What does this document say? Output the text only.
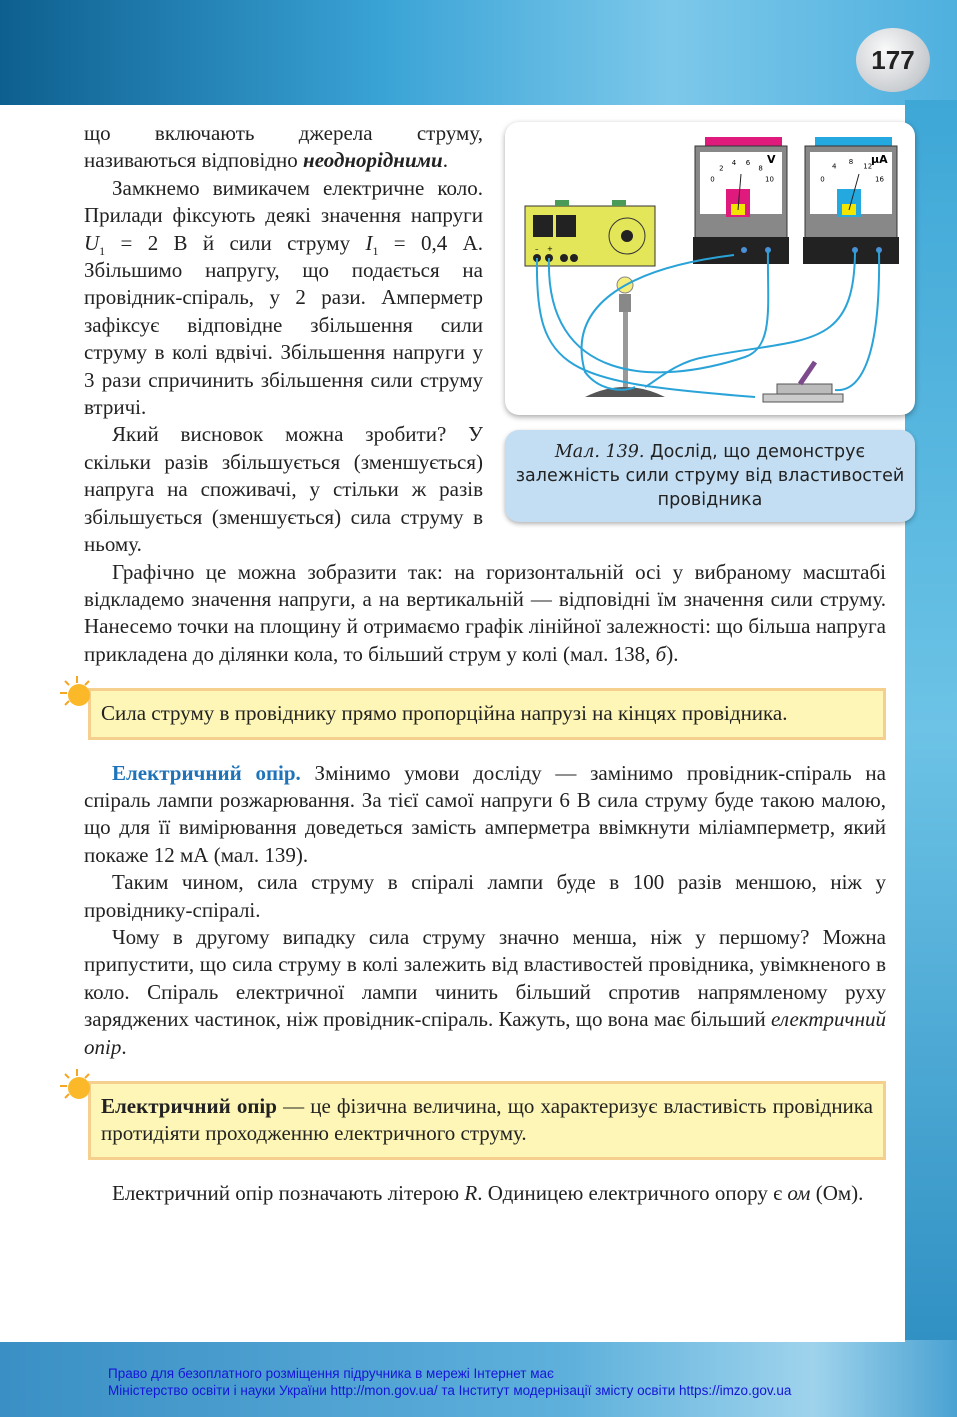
177
– +
V
0
2
4 6
8
10
μA
0
4
8
12
16
Мал. 139. Дослід, що демонструє залежність сили струму від властивостей провідника
що включають джерела струму, називаються відповідно неоднорідними.

Замкнемо вимикачем електричне коло. Прилади фіксують деякі значення напруги $U_1 = 2$ В й сили струму $I_1 = 0,4$ А. Збільшимо напругу, що подається на провідник-спіраль, у 2 рази. Амперметр зафіксує відповідне збільшення сили струму в колі вдвічі. Збільшення напруги у 3 рази спричинить збільшення сили струму втричі.

Який висновок можна зробити? У скільки разів збільшується (зменшується) напруга на споживачі, у стільки ж разів збільшується (зменшується) сила струму в ньому.

Графічно це можна зобразити так: на горизонтальній осі у вибраному масштабі відкладемо значення напруги, а на вертикальній — відповідні їм значення сили струму. Нанесемо точки на площину й отримаємо графік лінійної залежності: що більша напруга прикладена до ділянки кола, то більший струм у колі (мал. 138, б).

Сила струму в провіднику прямо пропорційна напрузі на кінцях провідника.

Електричний опір. Змінимо умови досліду — замінимо провідник-спіраль на спіраль лампи розжарювання. За тієї самої напруги 6 В сила струму буде такою малою, що для її вимірювання доведеться замість амперметра ввімкнути міліамперметр, який покаже 12 мА (мал. 139).

Таким чином, сила струму в спіралі лампи буде в 100 разів меншою, ніж у провіднику-спіралі.

Чому в другому випадку сила струму значно менша, ніж у першому? Можна припустити, що сила струму в колі залежить від властивостей провідника, увімкненого в коло. Спіраль електричної лампи чинить більший спротив напрямленому руху заряджених частинок, ніж провідник-спіраль. Кажуть, що вона має більший електричний опір.

Електричний опір — це фізична величина, що характеризує властивість провідника протидіяти проходженню електричного струму.

Електричний опір позначають літерою R. Одиницею електричного опору є ом (Ом).

Право для безоплатного розміщення підручника в мережі Інтернет має
Міністерство освіти і науки України http://mon.gov.ua/ та Інститут модернізації змісту освіти https://imzo.gov.ua
